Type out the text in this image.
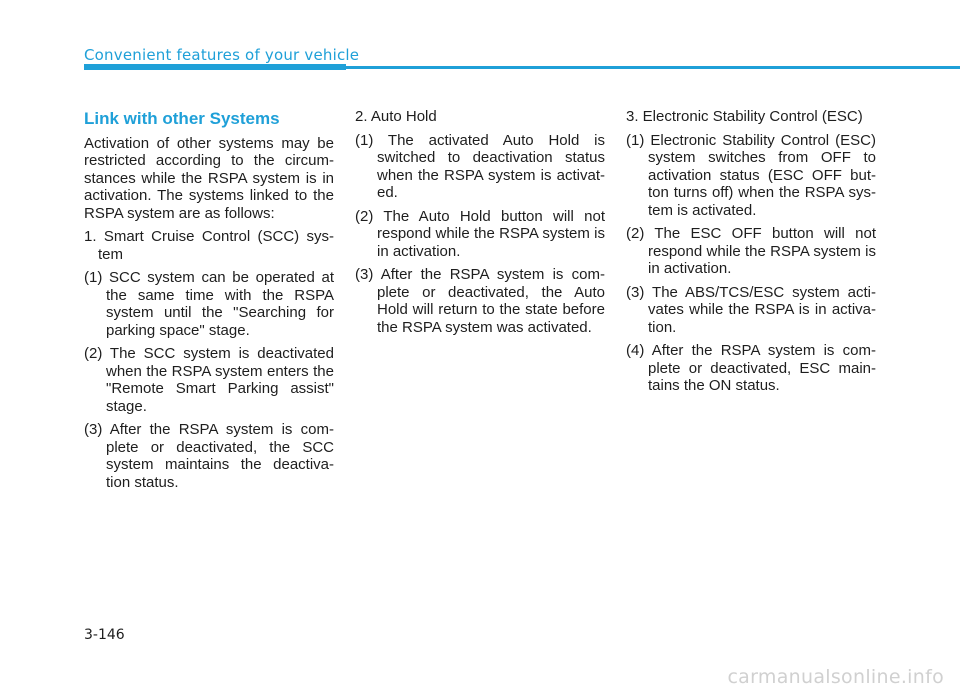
Convenient features of your vehicle
Link with other Systems

Activation of other systems may be restricted according to the circum-stances while the RSPA system is in activation. The systems linked to the RSPA system are as follows:

1. Smart Cruise Control (SCC) sys-tem

(1) SCC system can be operated at the same time with the RSPA system until the "Searching for parking space" stage.

(2) The SCC system is deactivated when the RSPA system enters the "Remote Smart Parking assist" stage.

(3) After the RSPA system is com-plete or deactivated, the SCC system maintains the deactiva-tion status.

2. Auto Hold

(1) The activated Auto Hold is switched to deactivation status when the RSPA system is activat-ed.

(2) The Auto Hold button will not respond while the RSPA system is in activation.

(3) After the RSPA system is com-plete or deactivated, the Auto Hold will return to the state before the RSPA system was activated.

3. Electronic Stability Control (ESC)

(1) Electronic Stability Control (ESC) system switches from OFF to activation status (ESC OFF but-ton turns off) when the RSPA sys-tem is activated.

(2) The ESC OFF button will not respond while the RSPA system is in activation.

(3) The ABS/TCS/ESC system acti-vates while the RSPA is in activa-tion.

(4) After the RSPA system is com-plete or deactivated, ESC main-tains the ON status.

3-146
carmanualsonline.info
